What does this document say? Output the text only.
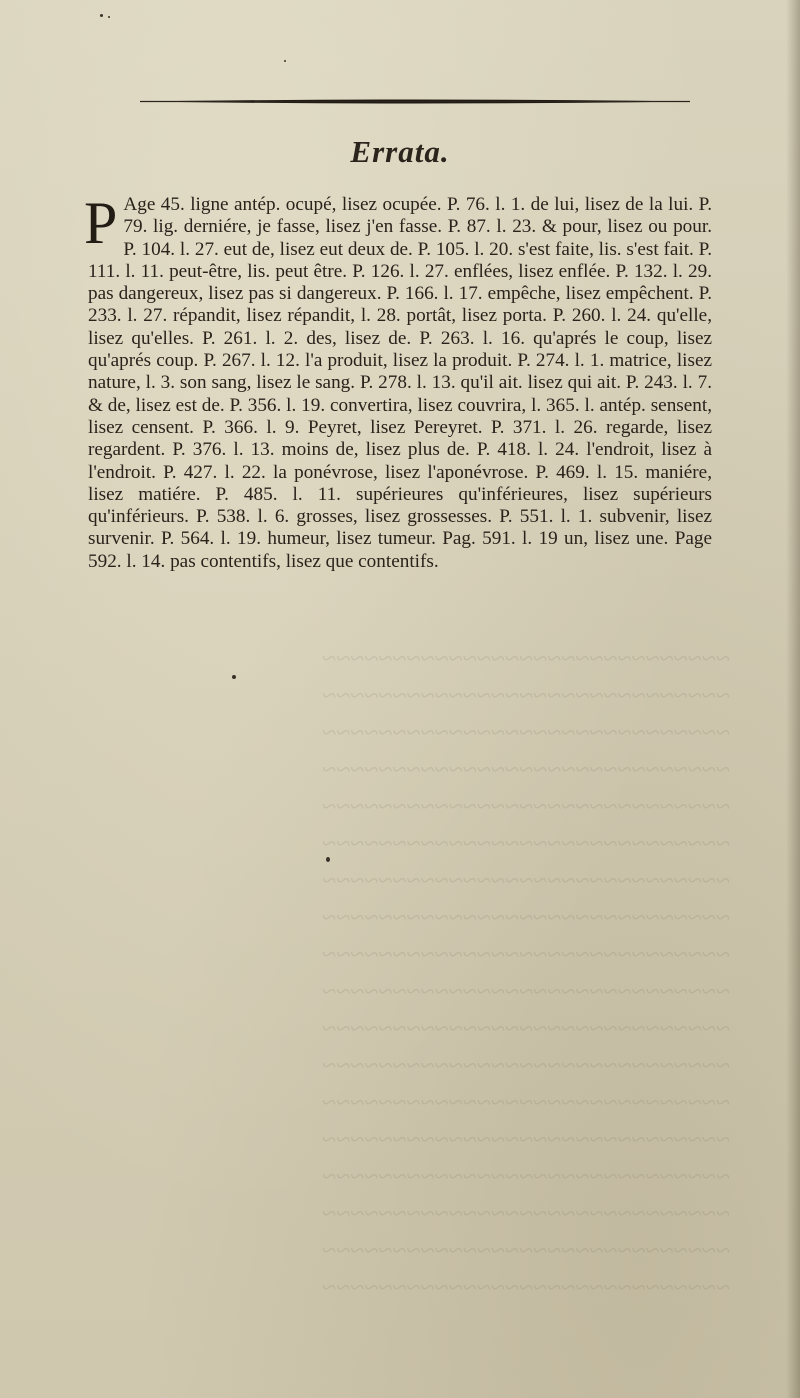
~~~~~~~~~~~~~~~~~~~~~~~~~~~~~
~~~~~~~~~~~~~~~~~~~~~~~~~~~~~
~~~~~~~~~~~~~~~~~~~~~~~~~~~~~
~~~~~~~~~~~~~~~~~~~~~~~~~~~~~
~~~~~~~~~~~~~~~~~~~~~~~~~~~~~
~~~~~~~~~~~~~~~~~~~~~~~~~~~~~
~~~~~~~~~~~~~~~~~~~~~~~~~~~~~
~~~~~~~~~~~~~~~~~~~~~~~~~~~~~
~~~~~~~~~~~~~~~~~~~~~~~~~~~~~
~~~~~~~~~~~~~~~~~~~~~~~~~~~~~
~~~~~~~~~~~~~~~~~~~~~~~~~~~~~
~~~~~~~~~~~~~~~~~~~~~~~~~~~~~
~~~~~~~~~~~~~~~~~~~~~~~~~~~~~
~~~~~~~~~~~~~~~~~~~~~~~~~~~~~
~~~~~~~~~~~~~~~~~~~~~~~~~~~~~
~~~~~~~~~~~~~~~~~~~~~~~~~~~~~
~~~~~~~~~~~~~~~~~~~~~~~~~~~~~
~~~~~~~~~~~~~~~~~~~~~~~~~~~~~
Errata.
P Age 45. ligne antép. ocupé, lisez ocupée. P. 76. l. 1. de lui, lisez de la lui. P. 79. lig. derniére, je fasse, lisez j'en fasse. P. 87. l. 23. & pour, lisez ou pour. P. 104. l. 27. eut de, lisez eut deux de. P. 105. l. 20. s'est faite, lis. s'est fait. P. 111. l. 11. peut-être, lis. peut être. P. 126. l. 27. enflées, lisez enflée. P. 132. l. 29. pas dangereux, lisez pas si dangereux. P. 166. l. 17. empêche, lisez empêchent. P. 233. l. 27. répandit, lisez répandit, l. 28. portât, lisez porta. P. 260. l. 24. qu'elle, lisez qu'elles. P. 261. l. 2. des, lisez de. P. 263. l. 16. qu'aprés le coup, lisez qu'aprés coup. P. 267. l. 12. l'a produit, lisez la produit. P. 274. l. 1. matrice, lisez nature, l. 3. son sang, lisez le sang. P. 278. l. 13. qu'il ait. lisez qui ait. P. 243. l. 7. & de, lisez est de. P. 356. l. 19. convertira, lisez couvrira, l. 365. l. antép. sensent, lisez censent. P. 366. l. 9. Peyret, lisez Pereyret. P. 371. l. 26. regarde, lisez regardent. P. 376. l. 13. moins de, lisez plus de. P. 418. l. 24. l'endroit, lisez à l'endroit. P. 427. l. 22. la ponévrose, lisez l'aponévrose. P. 469. l. 15. maniére, lisez matiére. P. 485. l. 11. supérieures qu'inférieures, lisez supérieurs qu'inférieurs. P. 538. l. 6. grosses, lisez grossesses. P. 551. l. 1. subvenir, lisez survenir. P. 564. l. 19. humeur, lisez tumeur. Pag. 591. l. 19 un, lisez une. Page 592. l. 14. pas contentifs, lisez que contentifs.
